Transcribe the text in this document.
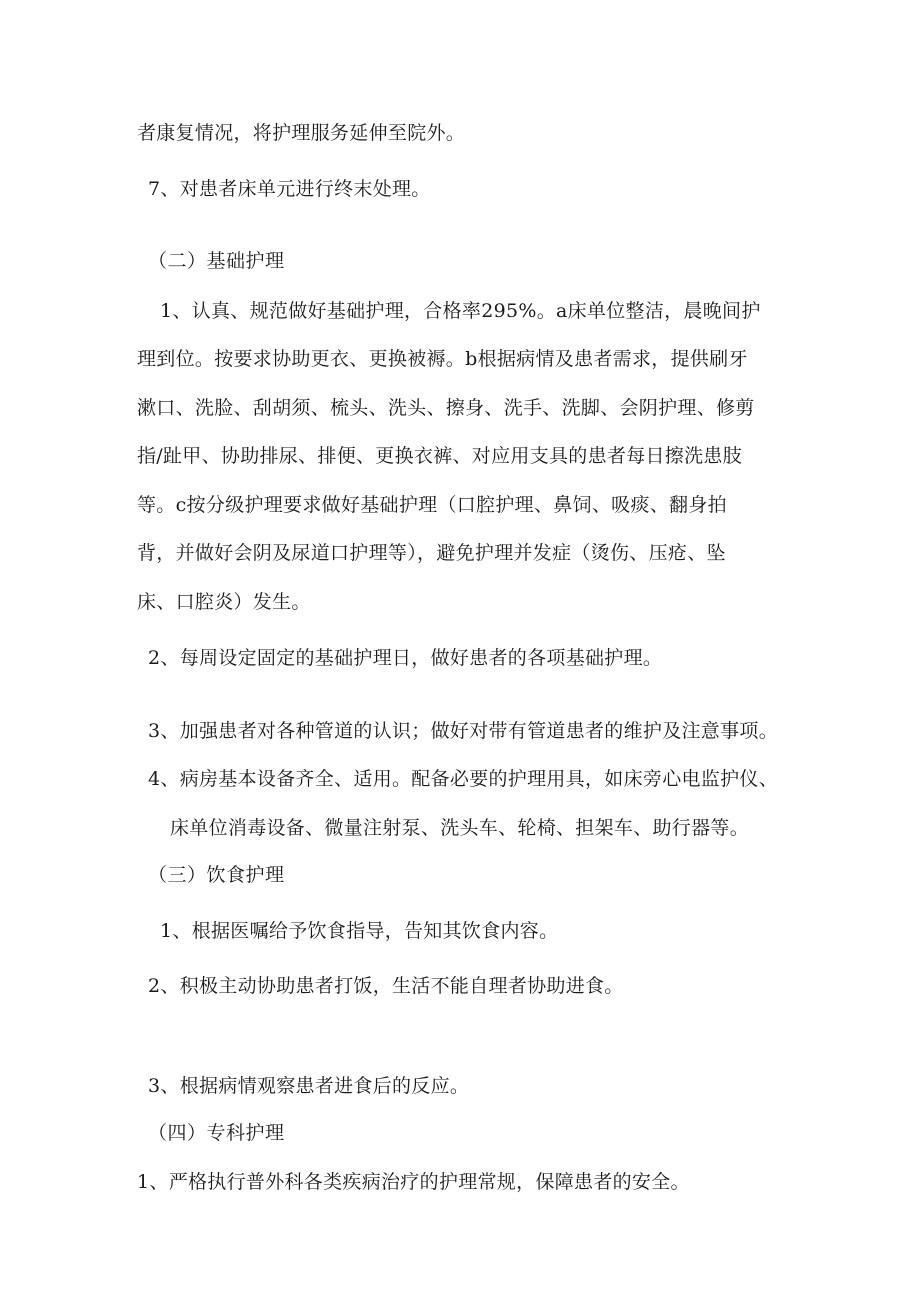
者康复情况，将护理服务延伸至院外。

7、对患者床单元进行终末处理。

（二）基础护理

1、认真、规范做好基础护理，合格率295%。a床单位整洁，晨晚间护

理到位。按要求协助更衣、更换被褥。b根据病情及患者需求，提供刷牙

漱口、洗脸、刮胡须、梳头、洗头、擦身、洗手、洗脚、会阴护理、修剪

指/趾甲、协助排尿、排便、更换衣裤、对应用支具的患者每日擦洗患肢

等。c按分级护理要求做好基础护理（口腔护理、鼻饲、吸痰、翻身拍

背，并做好会阴及尿道口护理等），避免护理并发症（烫伤、压疮、坠

床、口腔炎）发生。

2、每周设定固定的基础护理日，做好患者的各项基础护理。

3、加强患者对各种管道的认识；做好对带有管道患者的维护及注意事项。

4、病房基本设备齐全、适用。配备必要的护理用具，如床旁心电监护仪、

床单位消毒设备、微量注射泵、洗头车、轮椅、担架车、助行器等。

（三）饮食护理

1、根据医嘱给予饮食指导，告知其饮食内容。

2、积极主动协助患者打饭，生活不能自理者协助进食。

3、根据病情观察患者进食后的反应。

（四）专科护理

1、严格执行普外科各类疾病治疗的护理常规，保障患者的安全。
